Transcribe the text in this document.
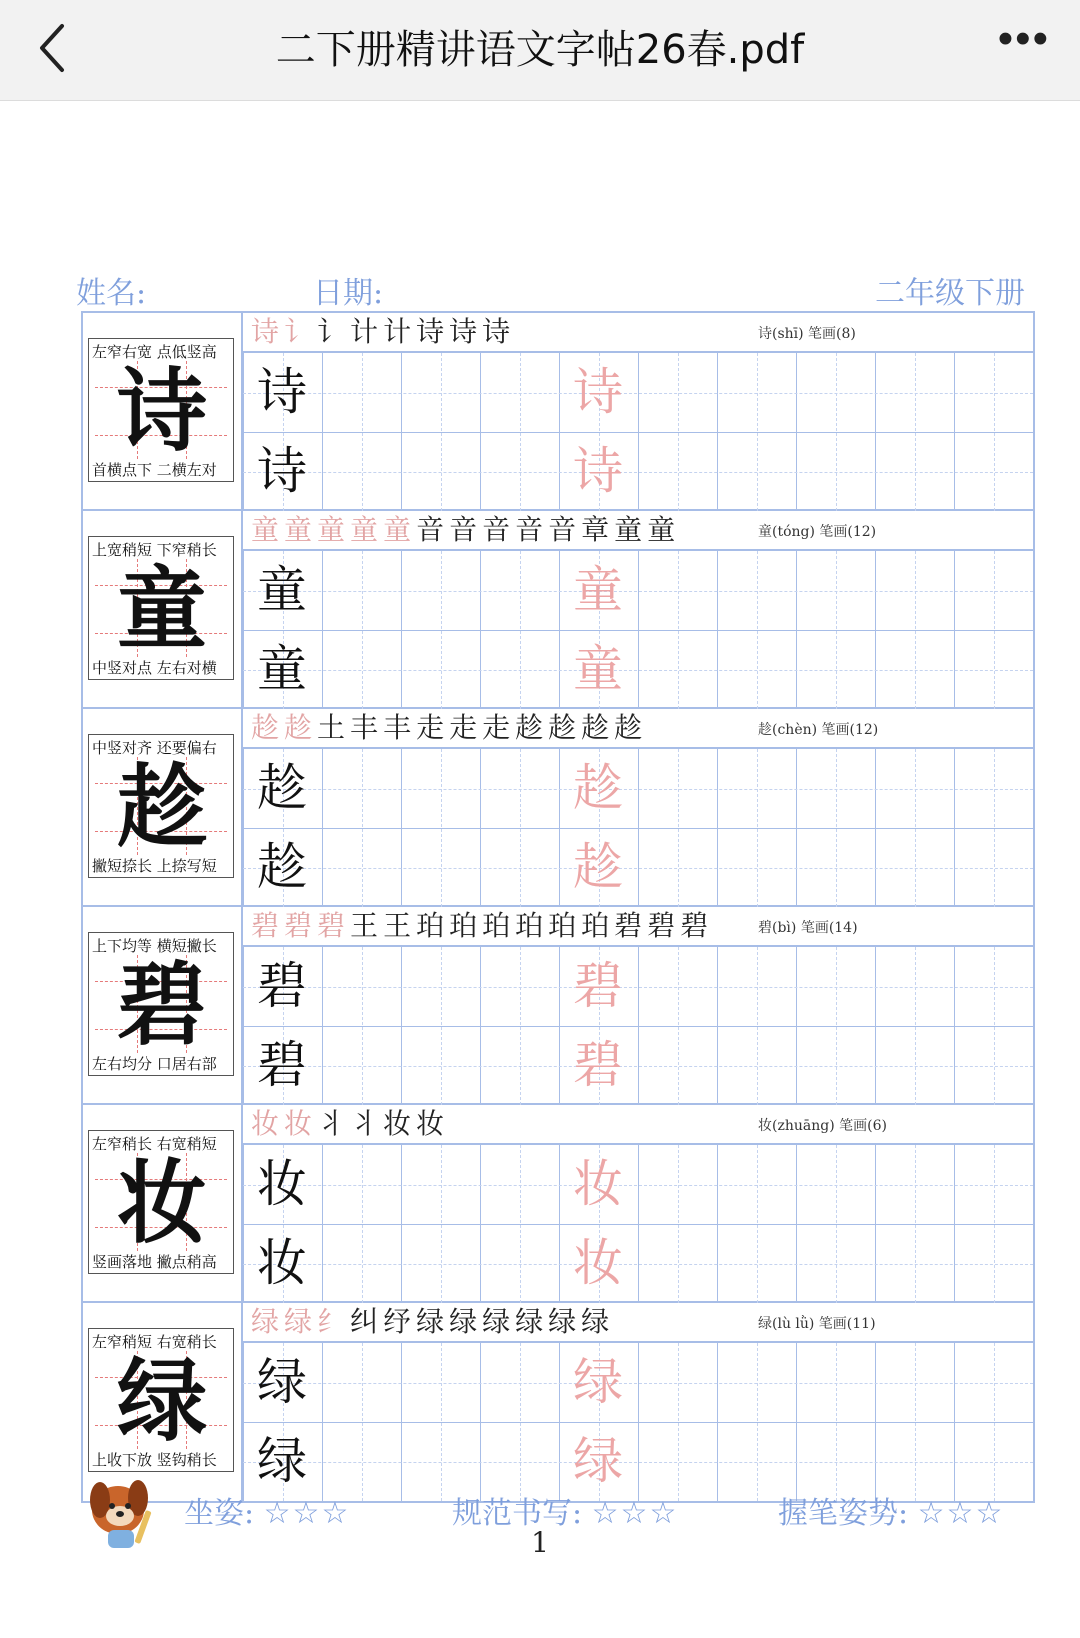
二下册精讲语文字帖26春.pdf	•••
姓名:	日期:	二年级下册
左窄右宽 点低竖高
诗
首横点下 二横左对
诗讠讠计计诗诗诗	诗(shī) 笔画(8)
诗	诗
诗	诗
上宽稍短 下窄稍长
童
中竖对点 左右对横
童童童童童音音音音音章童童	童(tóng) 笔画(12)
童	童
童	童
中竖对齐 还要偏右
趁
撇短捺长 上捺写短
趁趁土丰丰走走走趁趁趁趁	趁(chèn) 笔画(12)
趁	趁
趁	趁
上下均等 横短撇长
碧
左右均分 口居右部
碧碧碧王王珀珀珀珀珀珀碧碧碧	碧(bì) 笔画(14)
碧	碧
碧	碧
左窄稍长 右宽稍短
妆
竖画落地 撇点稍高
妆妆丬丬妆妆	妆(zhuāng) 笔画(6)
妆	妆
妆	妆
左窄稍短 右宽稍长
绿
上收下放 竖钩稍长
绿绿纟纠纾绿绿绿绿绿绿	绿(lù lǜ) 笔画(11)
绿	绿
绿	绿
坐姿: ☆☆☆	规范书写: ☆☆☆	握笔姿势: ☆☆☆
1
